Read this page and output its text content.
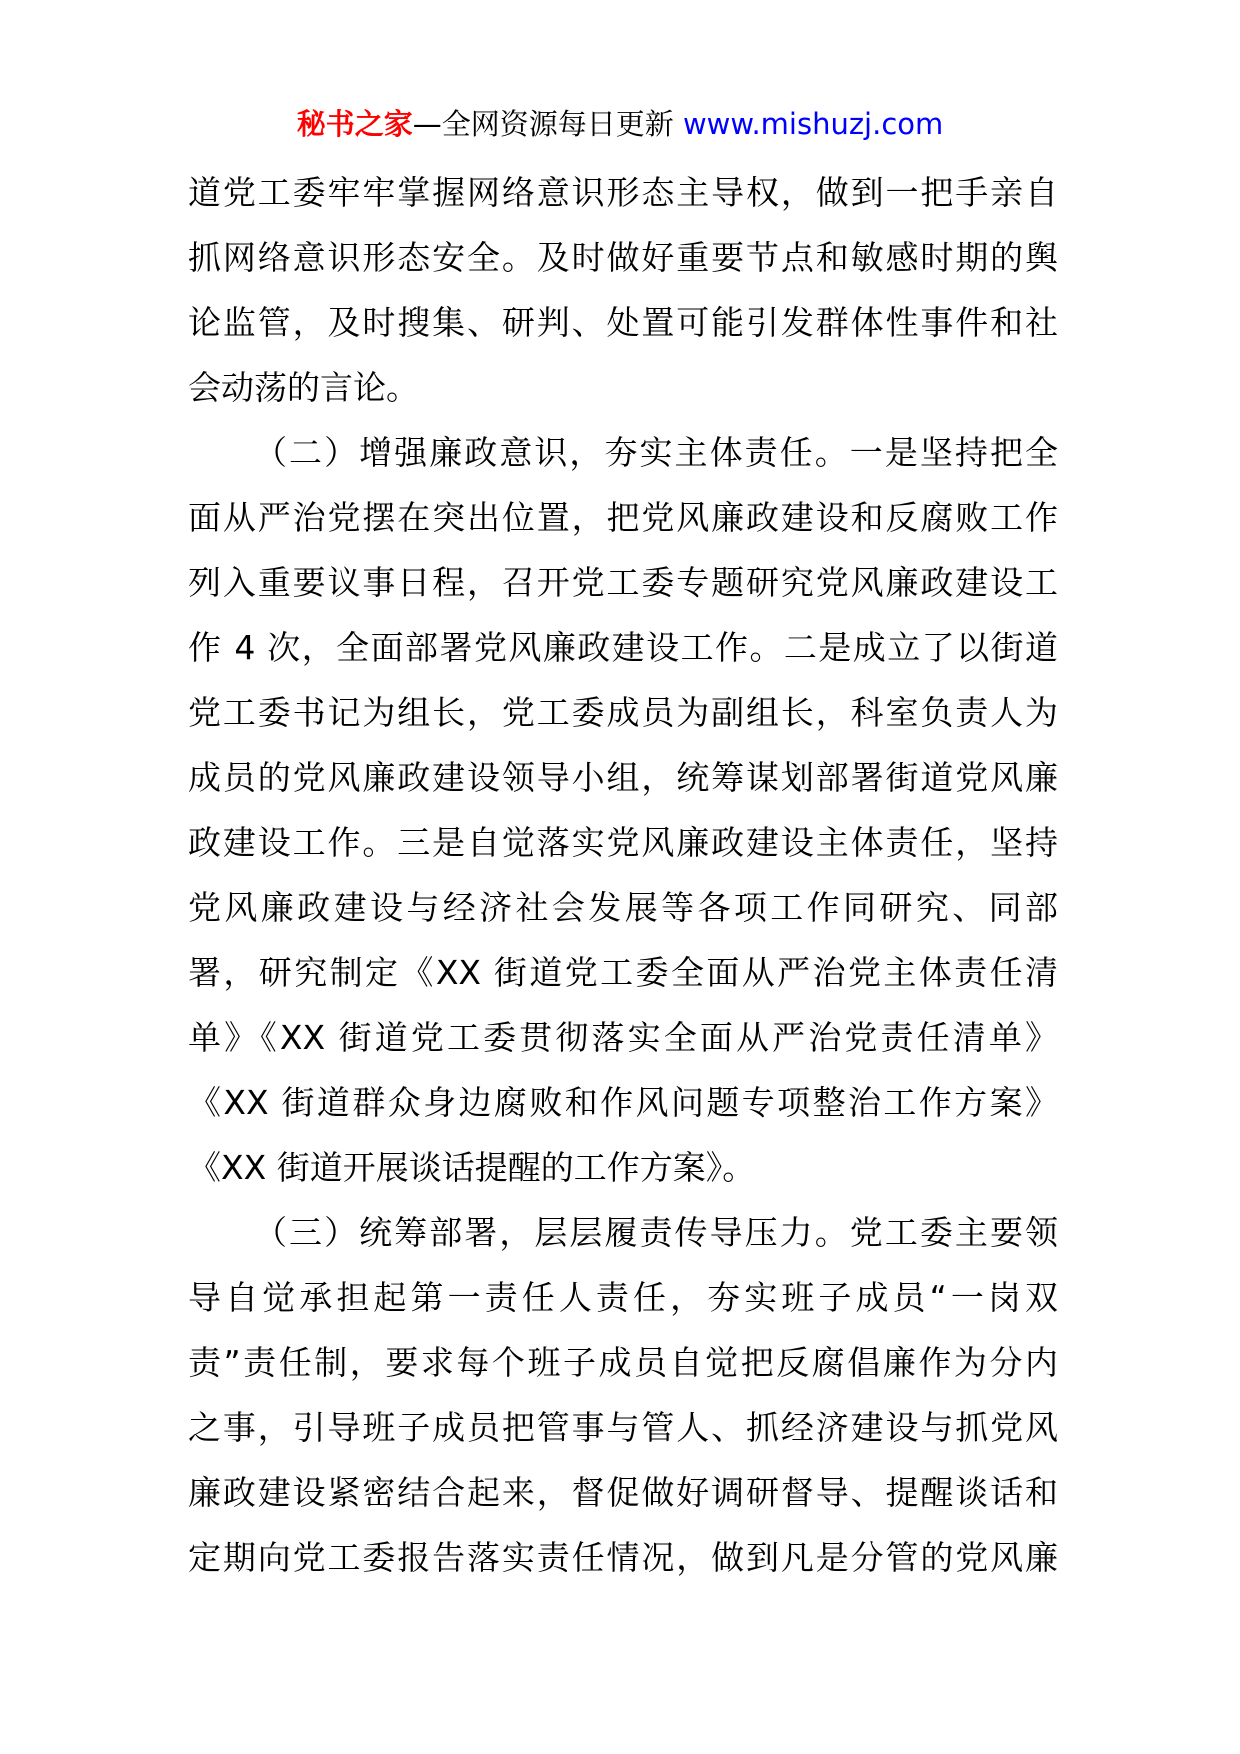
秘书之家—全网资源每日更新 www.mishuzj.com
道党工委牢牢掌握网络意识形态主导权，做到一把手亲自
抓网络意识形态安全。及时做好重要节点和敏感时期的舆
论监管，及时搜集、研判、处置可能引发群体性事件和社
会动荡的言论。
（二）增强廉政意识，夯实主体责任。一是坚持把全
面从严治党摆在突出位置，把党风廉政建设和反腐败工作
列入重要议事日程，召开党工委专题研究党风廉政建设工
作 4 次，全面部署党风廉政建设工作。二是成立了以街道
党工委书记为组长，党工委成员为副组长，科室负责人为
成员的党风廉政建设领导小组，统筹谋划部署街道党风廉
政建设工作。三是自觉落实党风廉政建设主体责任，坚持
党风廉政建设与经济社会发展等各项工作同研究、同部
署，研究制定《XX 街道党工委全面从严治党主体责任清
单》《XX 街道党工委贯彻落实全面从严治党责任清单》
《XX 街道群众身边腐败和作风问题专项整治工作方案》
《XX 街道开展谈话提醒的工作方案》。
（三）统筹部署，层层履责传导压力。党工委主要领
导自觉承担起第一责任人责任，夯实班子成员“一岗双
责”责任制，要求每个班子成员自觉把反腐倡廉作为分内
之事，引导班子成员把管事与管人、抓经济建设与抓党风
廉政建设紧密结合起来，督促做好调研督导、提醒谈话和
定期向党工委报告落实责任情况，做到凡是分管的党风廉
